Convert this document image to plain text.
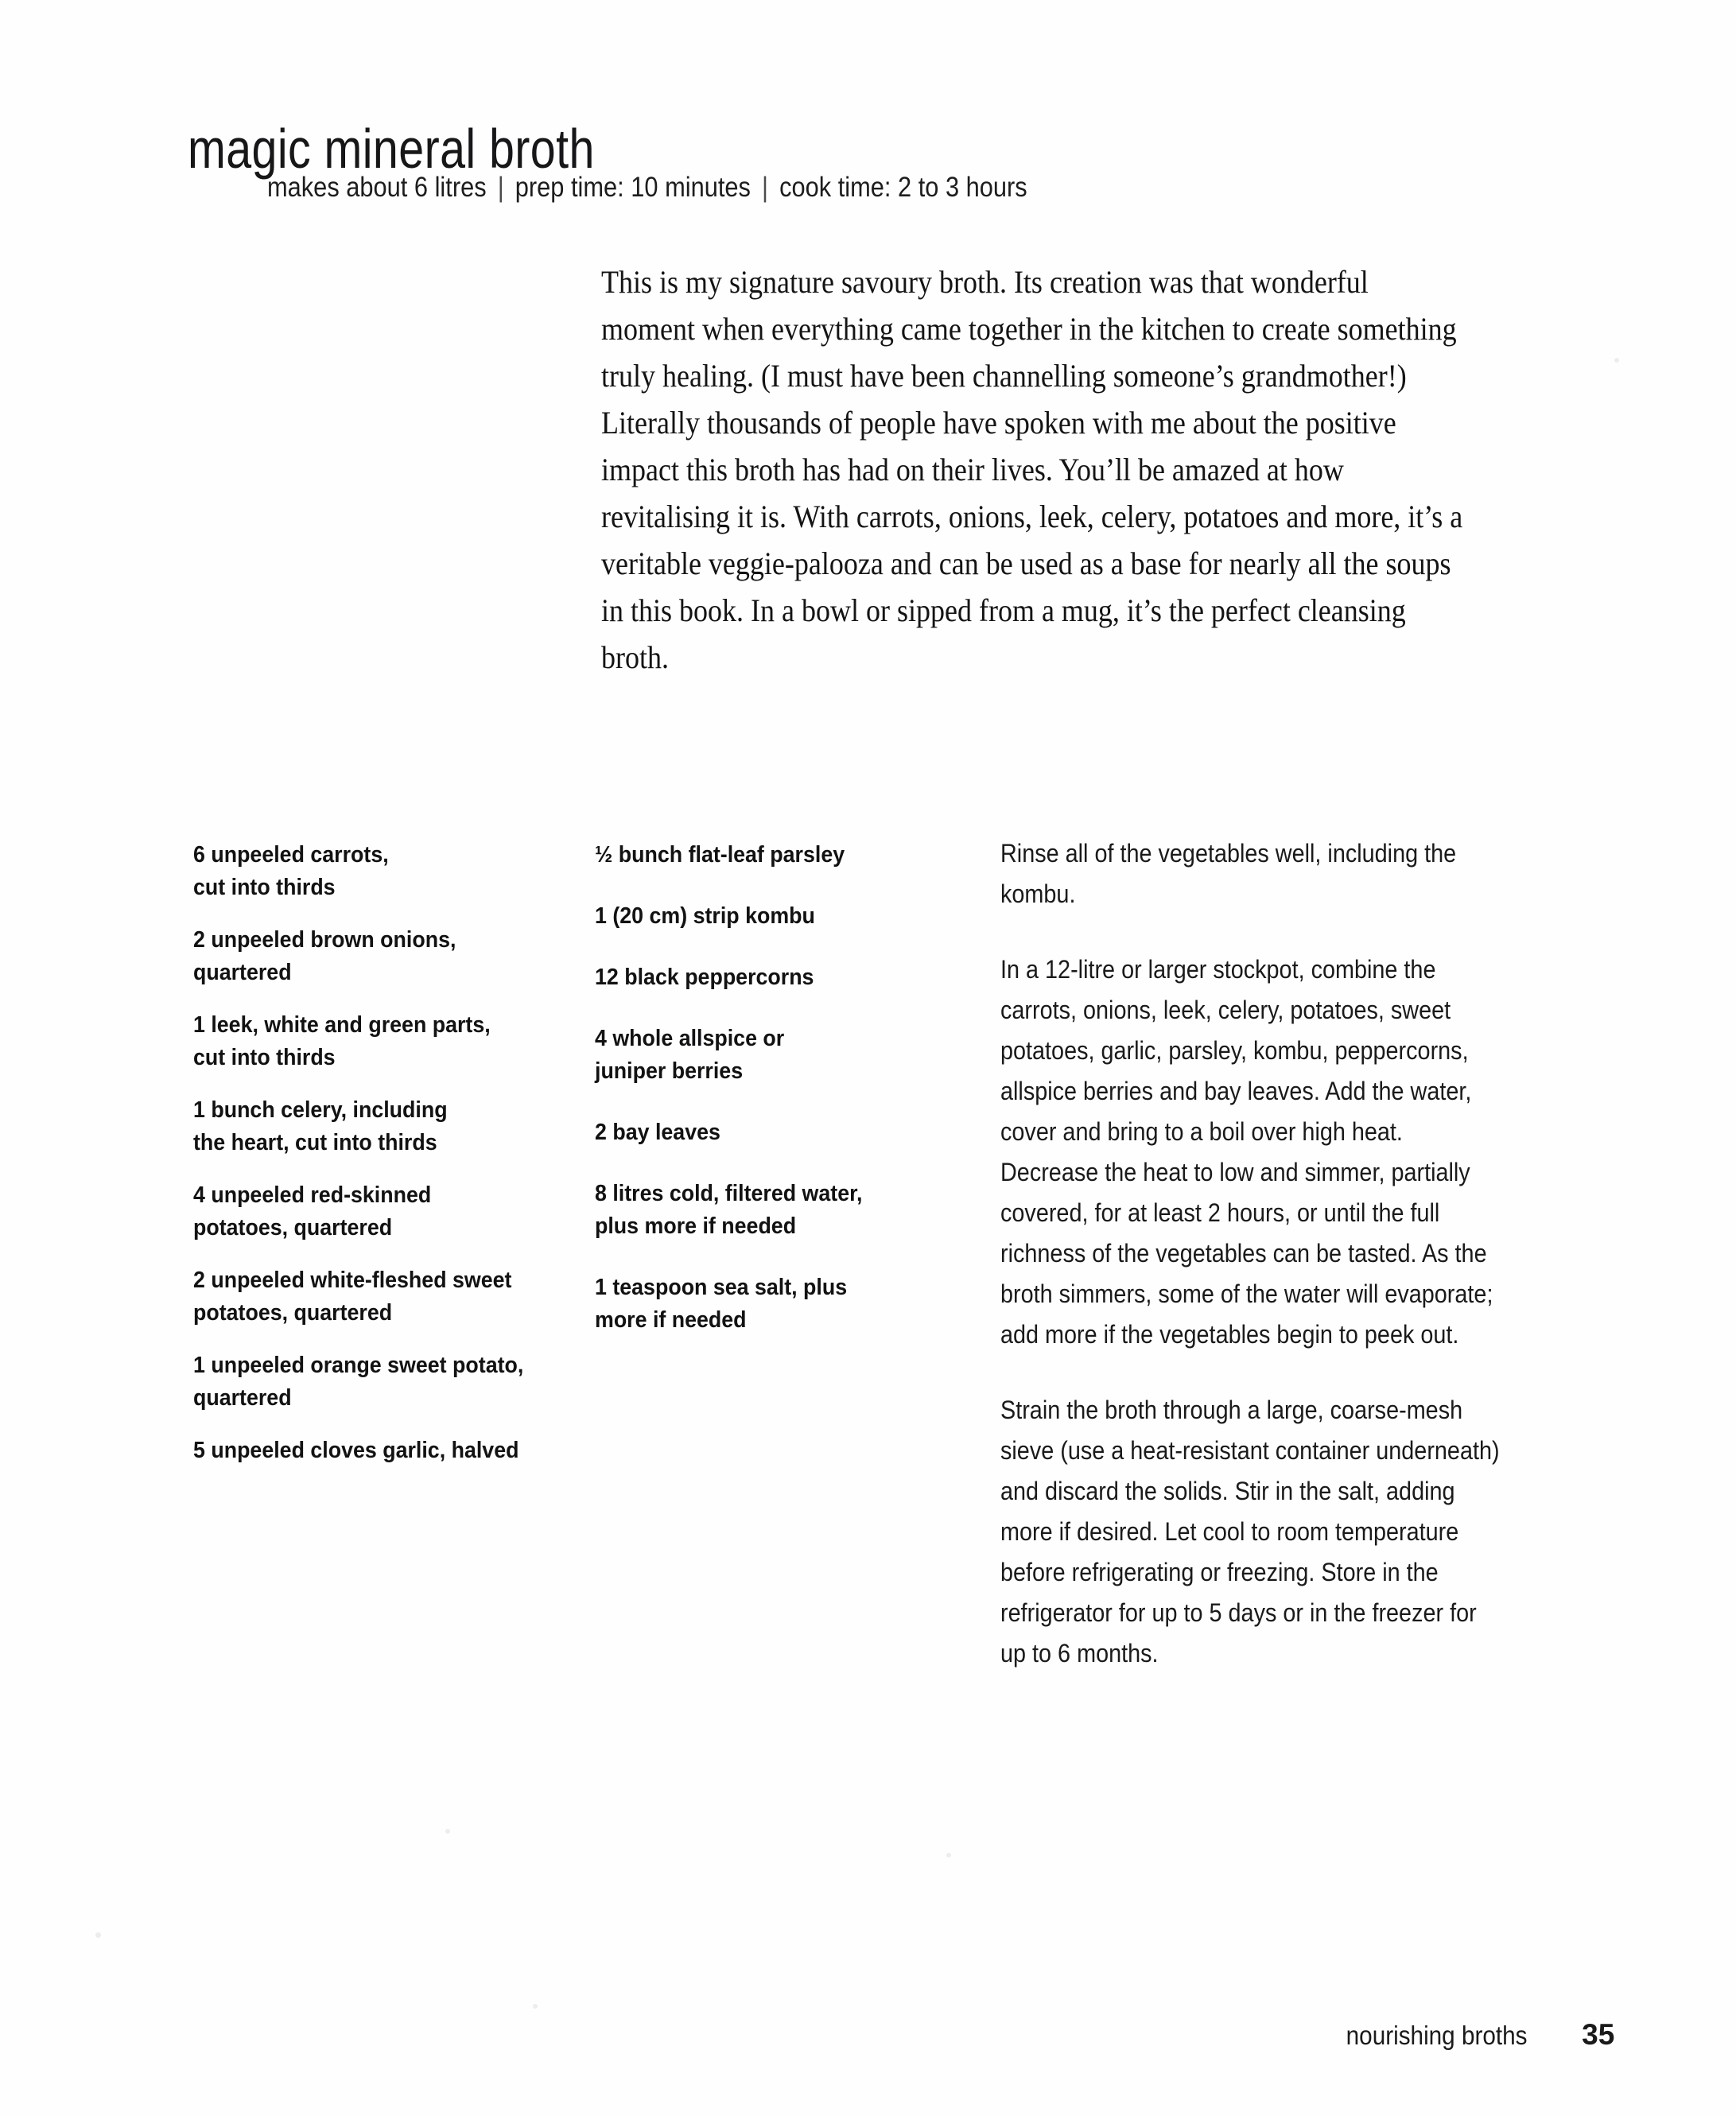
magic mineral broth
makes about 6 litres | prep time: 10 minutes | cook time: 2 to 3 hours

This is my signature savoury broth. Its creation was that wonderful moment when everything came together in the kitchen to create something truly healing. (I must have been channelling someone’s grandmother!) Literally thousands of people have spoken with me about the positive impact this broth has had on their lives. You’ll be amazed at how revitalising it is. With carrots, onions, leek, celery, potatoes and more, it’s a veritable veggie-palooza and can be used as a base for nearly all the soups in this book. In a bowl or sipped from a mug, it’s the perfect cleansing broth.

6 unpeeled carrots,
cut into thirds

2 unpeeled brown onions,
quartered

1 leek, white and green parts,
cut into thirds

1 bunch celery, including
the heart, cut into thirds

4 unpeeled red-skinned
potatoes, quartered

2 unpeeled white-fleshed sweet
potatoes, quartered

1 unpeeled orange sweet potato,
quartered

5 unpeeled cloves garlic, halved

½ bunch flat-leaf parsley

1 (20 cm) strip kombu

12 black peppercorns

4 whole allspice or
juniper berries

2 bay leaves

8 litres cold, filtered water,
plus more if needed

1 teaspoon sea salt, plus
more if needed

Rinse all of the vegetables well, including the kombu.

In a 12-litre or larger stockpot, combine the carrots, onions, leek, celery, potatoes, sweet potatoes, garlic, parsley, kombu, peppercorns, allspice berries and bay leaves. Add the water, cover and bring to a boil over high heat. Decrease the heat to low and simmer, partially covered, for at least 2 hours, or until the full richness of the vegetables can be tasted. As the broth simmers, some of the water will evaporate; add more if the vegetables begin to peek out.

Strain the broth through a large, coarse-mesh sieve (use a heat-resistant container underneath) and discard the solids. Stir in the salt, adding more if desired. Let cool to room temperature before refrigerating or freezing. Store in the refrigerator for up to 5 days or in the freezer for up to 6 months.

nourishing broths 35
